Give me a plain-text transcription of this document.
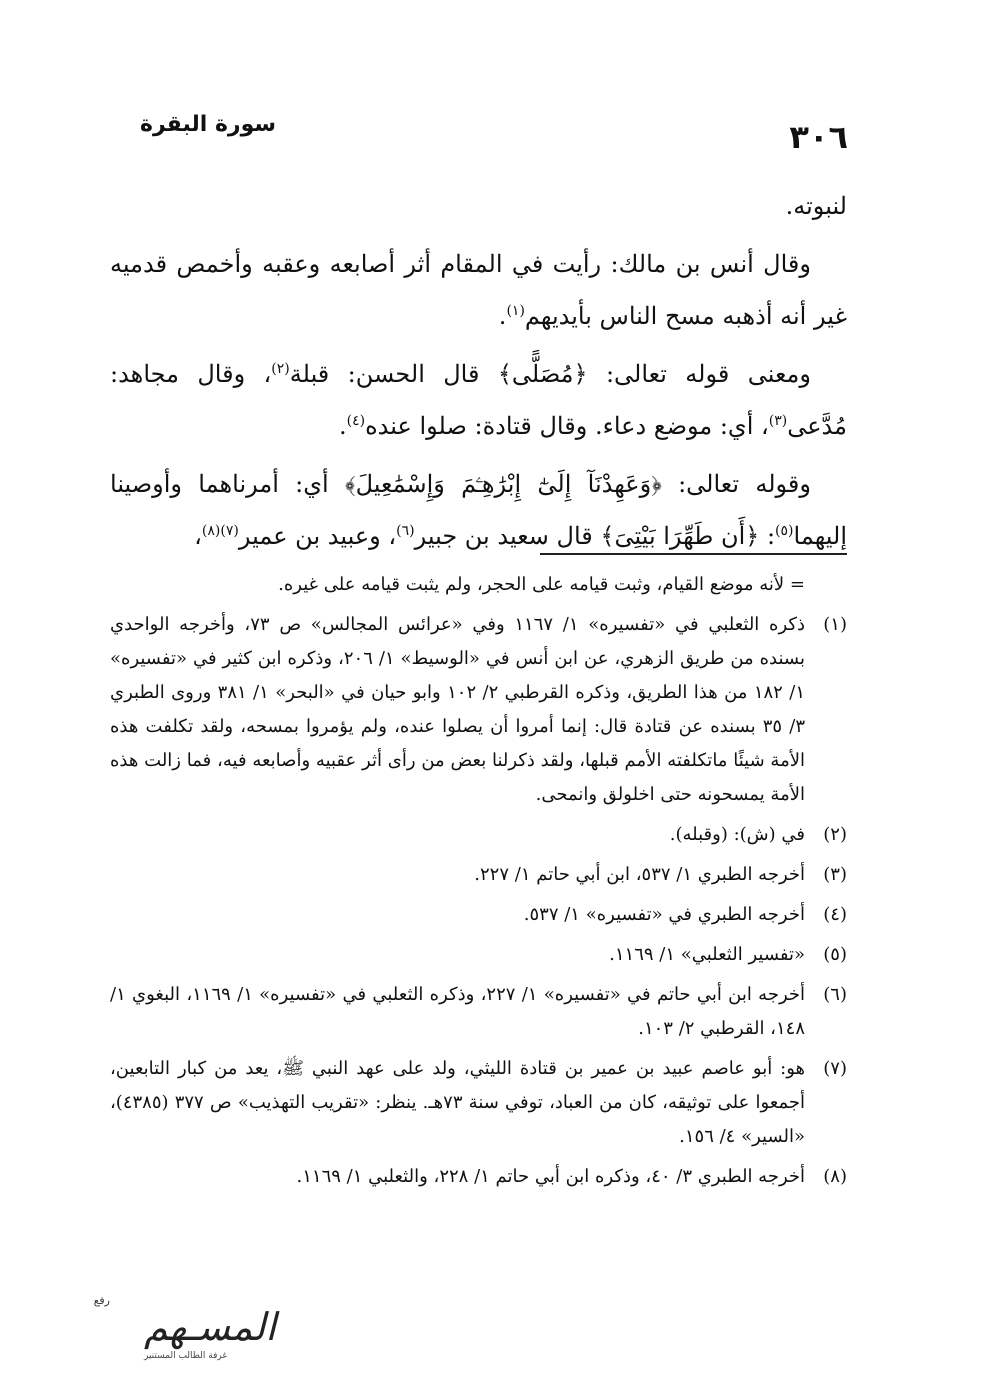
سورة البقرة	٣٠٦

لنبوته.

وقال أنس بن مالك: رأيت في المقام أثر أصابعه وعقبه وأخمص قدميه غير أنه أذهبه مسح الناس بأيديهم$^{(١)}$.

ومعنى قوله تعالى: ﴿مُصَلًّى﴾ قال الحسن: قبلة$^{(٢)}$، وقال مجاهد: مُدَّعى$^{(٣)}$، أي: موضع دعاء. وقال قتادة: صلوا عنده$^{(٤)}$.

وقوله تعالى: ﴿وَعَهِدْنَآ إِلَىٰٓ إِبْرَٰهِـۧمَ وَإِسْمَٰعِيلَ﴾ أي: أمرناهما وأوصينا إليهما$^{(٥)}$: ﴿أَن طَهِّرَا بَيْتِىَ﴾ قال سعيد بن جبير$^{(٦)}$، وعبيد بن عمير$^{(٧)(٨)}$،

= لأنه موضع القيام، وثبت قيامه على الحجر، ولم يثبت قيامه على غيره.
(١)
ذكره الثعلبي في «تفسيره» ١/ ١١٦٧ وفي «عرائس المجالس» ص ٧٣، وأخرجه الواحدي بسنده من طريق الزهري، عن ابن أنس في «الوسيط» ١/ ٢٠٦، وذكره ابن كثير في «تفسيره» ١/ ١٨٢ من هذا الطريق، وذكره القرطبي ٢/ ١٠٢ وابو حيان في «البحر» ١/ ٣٨١ وروى الطبري ٣/ ٣٥ بسنده عن قتادة قال: إنما أمروا أن يصلوا عنده، ولم يؤمروا بمسحه، ولقد تكلفت هذه الأمة شيئًا ماتكلفته الأمم قبلها، ولقد ذكرلنا بعض من رأى أثر عقبيه وأصابعه فيه، فما زالت هذه الأمة يمسحونه حتى اخلولق وانمحى.
(٢)
في (ش): (وقبله).
(٣)
أخرجه الطبري ١/ ٥٣٧، ابن أبي حاتم ١/ ٢٢٧.
(٤)
أخرجه الطبري في «تفسيره» ١/ ٥٣٧.
(٥)
«تفسير الثعلبي» ١/ ١١٦٩.
(٦)
أخرجه ابن أبي حاتم في «تفسيره» ١/ ٢٢٧، وذكره الثعلبي في «تفسيره» ١/ ١١٦٩، البغوي ١/ ١٤٨، القرطبي ٢/ ١٠٣.
(٧)
هو: أبو عاصم عبيد بن عمير بن قتادة الليثي، ولد على عهد النبي ﷺ، يعد من كبار التابعين، أجمعوا على توثيقه، كان من العباد، توفي سنة ٧٣هـ. ينظر: «تقريب التهذيب» ص ٣٧٧ (٤٣٨٥)، «السير» ٤/ ١٥٦.
(٨)
أخرجه الطبري ٣/ ٤٠، وذكره ابن أبي حاتم ١/ ٢٢٨، والثعلبي ١/ ١١٦٩.
رفع
المسـهم
غرفة الطالب المستنير
